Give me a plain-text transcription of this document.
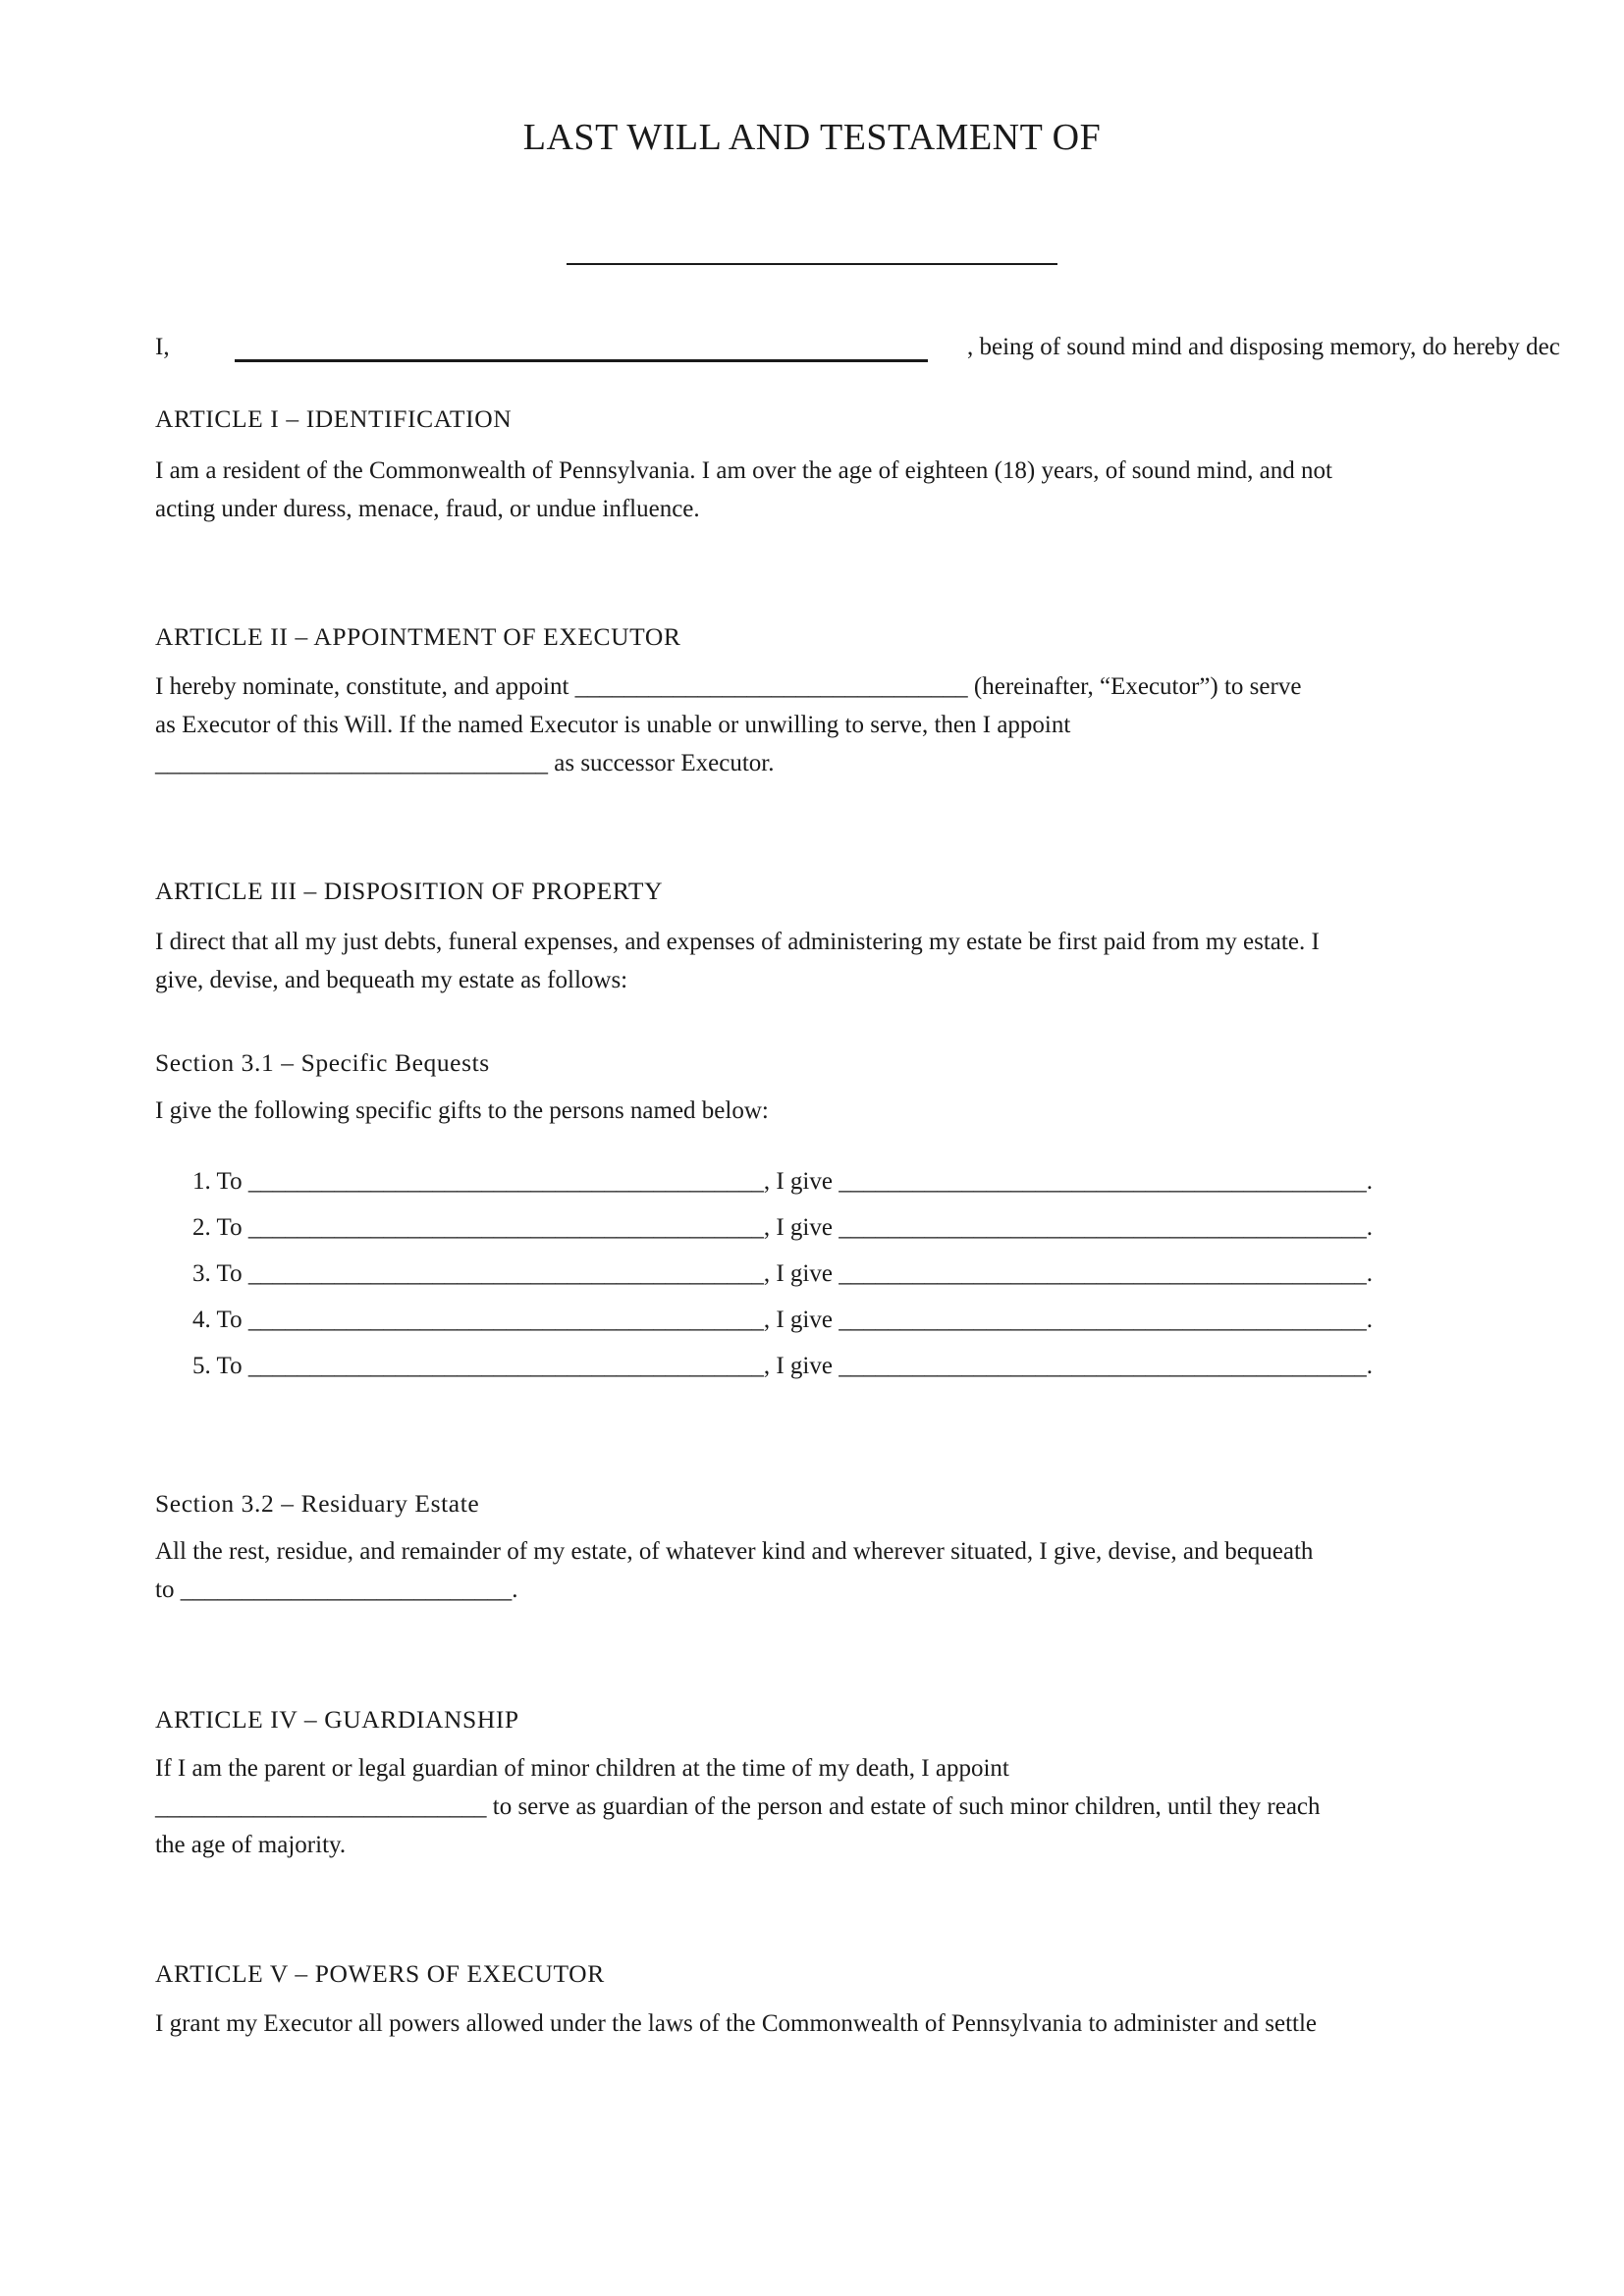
LAST WILL AND TESTAMENT OF
I,	, being of sound mind and disposing memory, do hereby dec
ARTICLE I – IDENTIFICATION
I am a resident of the Commonwealth of Pennsylvania. I am over the age of eighteen (18) years, of sound mind, and not
acting under duress, menace, fraud, or undue influence.
ARTICLE II – APPOINTMENT OF EXECUTOR
I hereby nominate, constitute, and appoint ________________________________ (hereinafter, “Executor”) to serve
as Executor of this Will. If the named Executor is unable or unwilling to serve, then I appoint
________________________________ as successor Executor.
ARTICLE III – DISPOSITION OF PROPERTY
I direct that all my just debts, funeral expenses, and expenses of administering my estate be first paid from my estate. I
give, devise, and bequeath my estate as follows:
Section 3.1 – Specific Bequests
I give the following specific gifts to the persons named below:
1. To __________________________________________, I give ___________________________________________.
2. To __________________________________________, I give ___________________________________________.
3. To __________________________________________, I give ___________________________________________.
4. To __________________________________________, I give ___________________________________________.
5. To __________________________________________, I give ___________________________________________.
Section 3.2 – Residuary Estate
All the rest, residue, and remainder of my estate, of whatever kind and wherever situated, I give, devise, and bequeath
to ___________________________.
ARTICLE IV – GUARDIANSHIP
If I am the parent or legal guardian of minor children at the time of my death, I appoint
___________________________ to serve as guardian of the person and estate of such minor children, until they reach
the age of majority.
ARTICLE V – POWERS OF EXECUTOR
I grant my Executor all powers allowed under the laws of the Commonwealth of Pennsylvania to administer and settle
